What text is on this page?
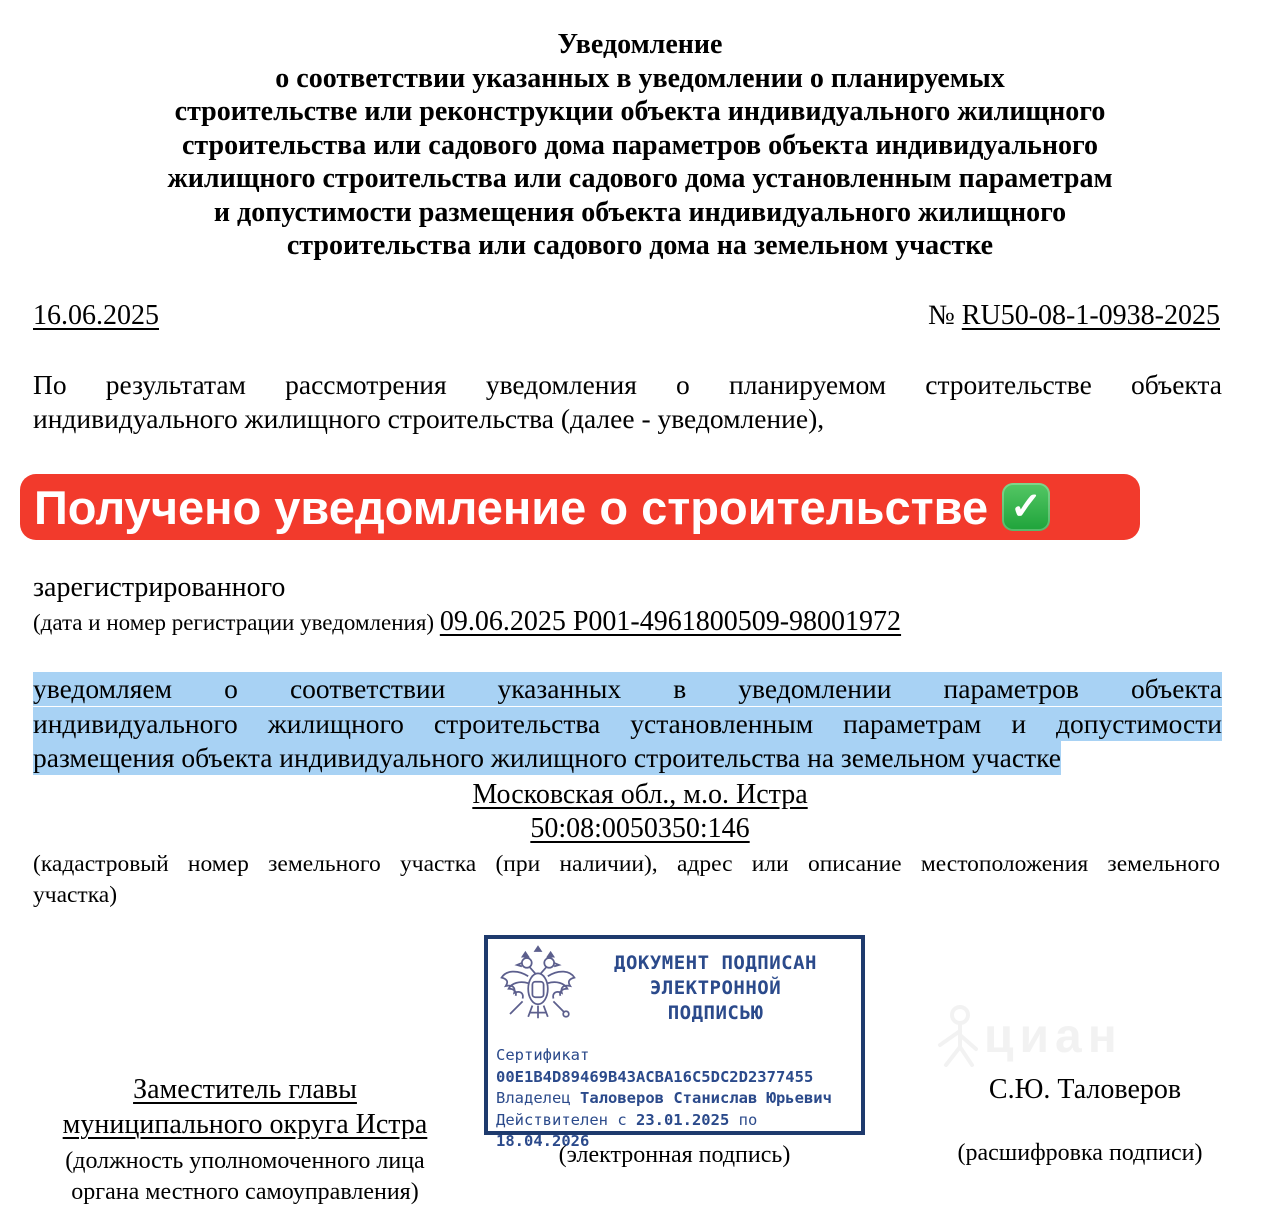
Уведомление
о соответствии указанных в уведомлении о планируемых
строительстве или реконструкции объекта индивидуального жилищного
строительства или садового дома параметров объекта индивидуального
жилищного строительства или садового дома установленным параметрам
и допустимости размещения объекта индивидуального жилищного
строительства или садового дома на земельном участке
16.06.2025	№ RU50-08-1-0938-2025
По результатам рассмотрения уведомления о планируемом строительстве объекта
индивидуального жилищного строительства (далее - уведомление),
Получено уведомление о строительстве ✓
зарегистрированного
(дата и номер регистрации уведомления) 09.06.2025 Р001-4961800509-98001972
уведомляем о соответствии указанных в уведомлении параметров объекта
индивидуального жилищного строительства установленным параметрам и допустимости
размещения объекта индивидуального жилищного строительства на земельном участке
Московская обл., м.о. Истра
50:08:0050350:146
(кадастровый номер земельного участка (при наличии), адрес или описание местоположения земельного
участка)
циан
ДОКУМЕНТ ПОДПИСАН
ЭЛЕКТРОННОЙ
ПОДПИСЬЮ
Сертификат
00E1B4D89469B43ACBA16C5DC2D2377455
Владелец Таловеров Станислав Юрьевич
Действителен с 23.01.2025 по
18.04.2026
Заместитель главы
муниципального округа Истра
(должность уполномоченного лица
органа местного самоуправления)
(электронная подпись)
С.Ю. Таловеров
(расшифровка подписи)
